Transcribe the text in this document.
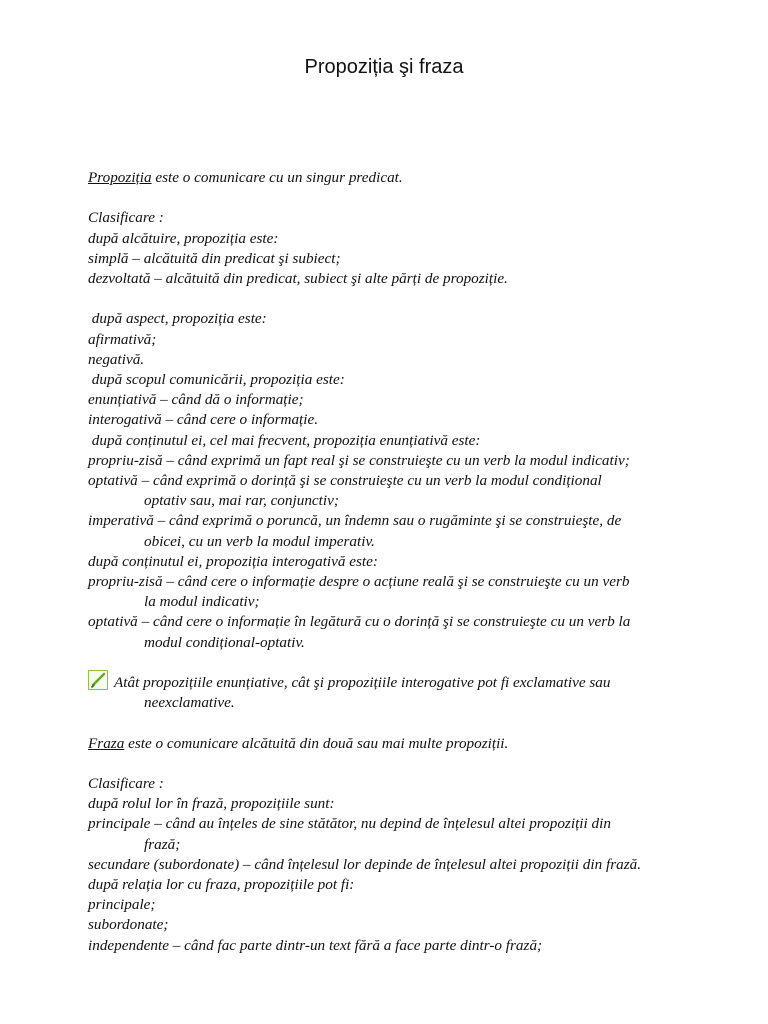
Propoziția şi fraza
Propoziția este o comunicare cu un singur predicat.
Clasificare :
după alcătuire, propoziția este:
simplă – alcătuită din predicat şi subiect;
dezvoltată – alcătuită din predicat, subiect şi alte părți de propoziție.
după aspect, propoziția este:
afirmativă;
negativă.
după scopul comunicării, propoziția este:
enunțiativă – când dă o informație;
interogativă – când cere o informație.
după conținutul ei, cel mai frecvent, propoziția enunțiativă este:
propriu-zisă – când exprimă un fapt real şi se construieşte cu un verb la modul indicativ;
optativă – când exprimă o dorință şi se construieşte cu un verb la modul condițional
optativ sau, mai rar, conjunctiv;
imperativă – când exprimă o poruncă, un îndemn sau o rugăminte şi se construieşte, de
obicei, cu un verb la modul imperativ.
după conținutul ei, propoziția interogativă este:
propriu-zisă – când cere o informație despre o acțiune reală şi se construieşte cu un verb
la modul indicativ;
optativă – când cere o informație în legătură cu o dorință şi se construieşte cu un verb la
modul condițional-optativ.
Atât propozițiile enunțiative, cât şi propozițiile interogative pot fi exclamative sau
neexclamative.
Fraza este o comunicare alcătuită din două sau mai multe propoziții.
Clasificare :
după rolul lor în frază, propozițiile sunt:
principale – când au înțeles de sine stătător, nu depind de înțelesul altei propoziții din
frază;
secundare (subordonate) – când înțelesul lor depinde de înțelesul altei propoziții din frază.
după relația lor cu fraza, propozițiile pot fi:
principale;
subordonate;
independente – când fac parte dintr-un text fără a face parte dintr-o frază;
